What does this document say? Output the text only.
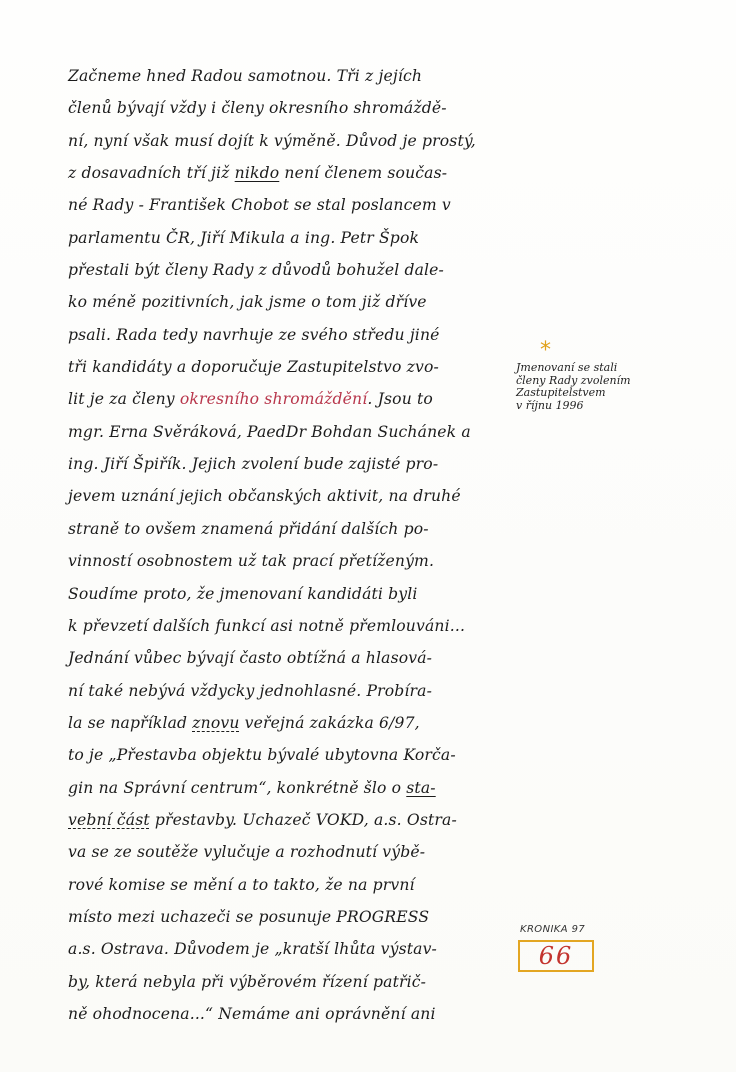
Začneme hned Radou samotnou. Tři z jejích
členů bývají vždy i členy okresního shromáždě-
ní, nyní však musí dojít k výměně. Důvod je prostý,
z dosavadních tří již nikdo není členem součas-
né Rady - František Chobot se stal poslancem v
parlamentu ČR, Jiří Mikula a ing. Petr Špok
přestali být členy Rady z důvodů bohužel dale-
ko méně pozitivních, jak jsme o tom již dříve
psali. Rada tedy navrhuje ze svého středu jiné
tři kandidáty a doporučuje Zastupitelstvo zvo-
lit je za členy okresního shromáždění. Jsou to
mgr. Erna Svěráková, PaedDr Bohdan Suchánek a
ing. Jiří Špiřík. Jejich zvolení bude zajisté pro-
jevem uznání jejich občanských aktivit, na druhé
straně to ovšem znamená přidání dalších po-
vinností osobnostem už tak prací přetíženým.
Soudíme proto, že jmenovaní kandidáti byli
k převzetí dalších funkcí asi notně přemlouváni...
Jednání vůbec bývají často obtížná a hlasová-
ní také nebývá vždycky jednohlasné. Probíra-
la se například znovu veřejná zakázka 6/97,
to je „Přestavba objektu bývalé ubytovna Korča-
gin na Správní centrum“, konkrétně šlo o sta-
vební část přestavby. Uchazeč VOKD, a.s. Ostra-
va se ze soutěže vylučuje a rozhodnutí výbě-
rové komise se mění a to takto, že na první
místo mezi uchazeči se posunuje PROGRESS
a.s. Ostrava. Důvodem je „kratší lhůta výstav-
by, která nebyla při výběrovém řízení patřič-
ně ohodnocena...“ Nemáme ani oprávnění ani
*
Jmenovaní se stali
členy Rady zvolením
Zastupitelstvem
v říjnu 1996
KRONIKA 97
66
